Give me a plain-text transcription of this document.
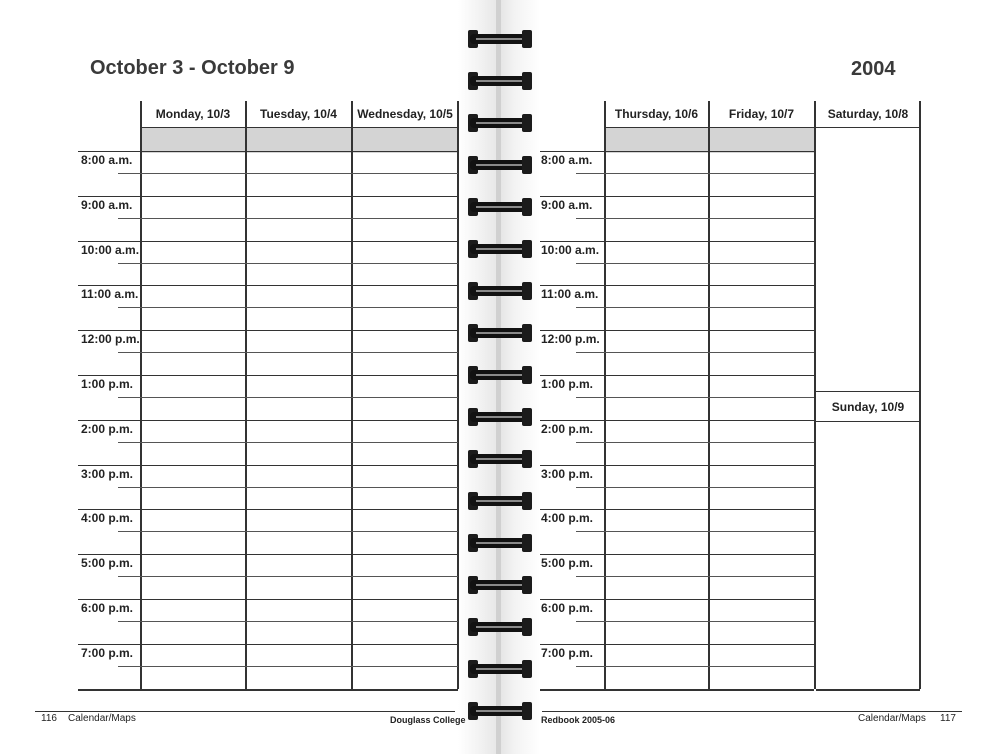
October 3 - October 9	2004
Monday, 10/3	Tuesday, 10/4	Wednesday, 10/5
8:00 a.m.
9:00 a.m.
10:00 a.m.
11:00 a.m.
12:00 p.m.
1:00 p.m.
2:00 p.m.
3:00 p.m.
4:00 p.m.
5:00 p.m.
6:00 p.m.
7:00 p.m.
Thursday, 10/6	Friday, 10/7	Saturday, 10/8
Sunday, 10/9
8:00 a.m.
9:00 a.m.
10:00 a.m.
11:00 a.m.
12:00 p.m.
1:00 p.m.
2:00 p.m.
3:00 p.m.
4:00 p.m.
5:00 p.m.
6:00 p.m.
7:00 p.m.
116 Calendar/Maps	Douglass College	Redbook 2005-06	Calendar/Maps 117
